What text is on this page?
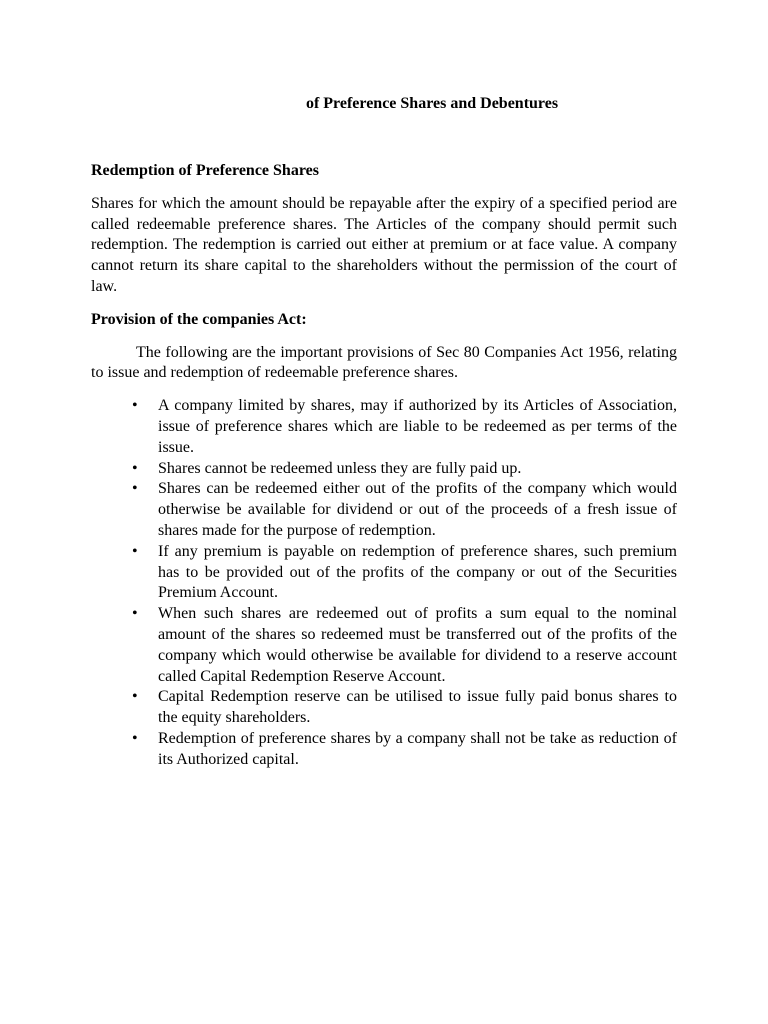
of Preference Shares and Debentures
Redemption of Preference Shares

Shares for which the amount should be repayable after the expiry of a specified period are called redeemable preference shares. The Articles of the company should permit such redemption. The redemption is carried out either at premium or at face value. A company cannot return its share capital to the shareholders without the permission of the court of law.

Provision of the companies Act:

The following are the important provisions of Sec 80 Companies Act 1956, relating to issue and redemption of redeemable preference shares.

• A company limited by shares, may if authorized by its Articles of Association, issue of preference shares which are liable to be redeemed as per terms of the issue.
• Shares cannot be redeemed unless they are fully paid up.
• Shares can be redeemed either out of the profits of the company which would otherwise be available for dividend or out of the proceeds of a fresh issue of shares made for the purpose of redemption.
• If any premium is payable on redemption of preference shares, such premium has to be provided out of the profits of the company or out of the Securities Premium Account.
• When such shares are redeemed out of profits a sum equal to the nominal amount of the shares so redeemed must be transferred out of the profits of the company which would otherwise be available for dividend to a reserve account called Capital Redemption Reserve Account.
• Capital Redemption reserve can be utilised to issue fully paid bonus shares to the equity shareholders.
• Redemption of preference shares by a company shall not be take as reduction of its Authorized capital.
